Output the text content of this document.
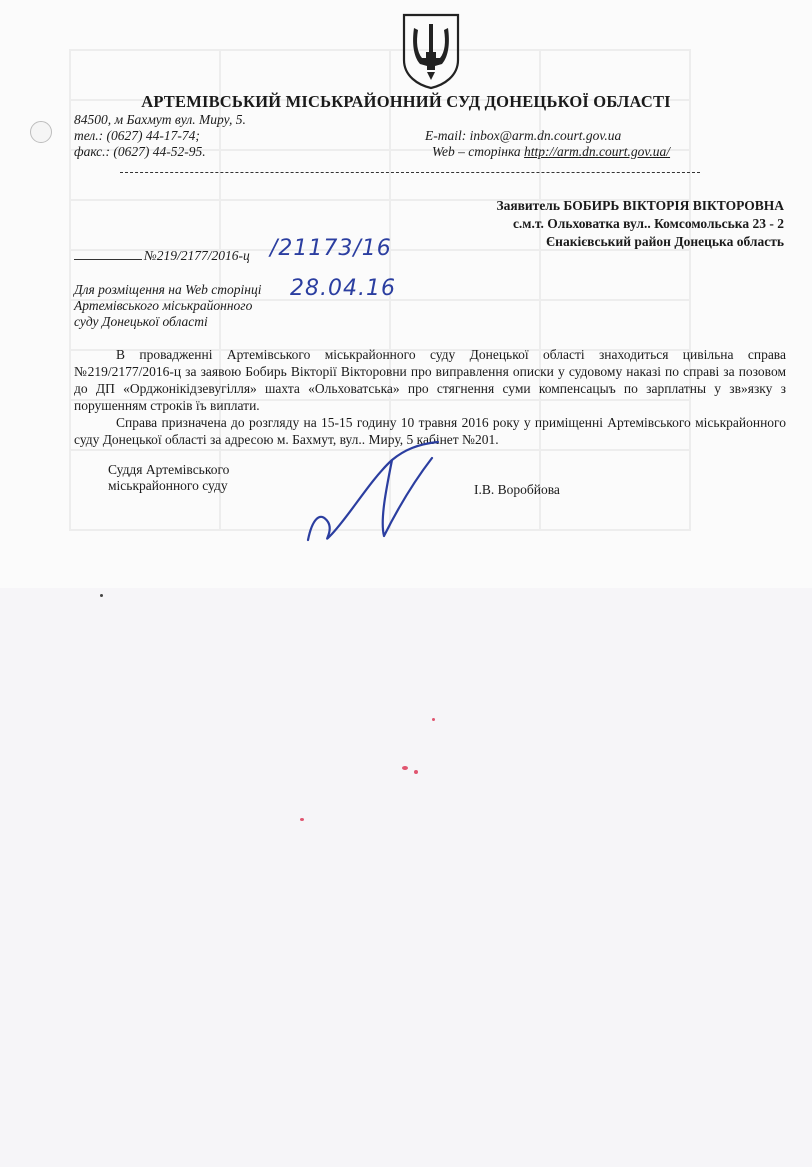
АРТЕМІВСЬКИЙ МІСЬКРАЙОННИЙ СУД ДОНЕЦЬКОЇ ОБЛАСТІ
84500, м Бахмут вул. Миру, 5.
тел.: (0627) 44-17-74;
факс.: (0627) 44-52-95.
E-mail: inbox@arm.dn.court.gov.ua
Web – сторінка http://arm.dn.court.gov.ua/
Заявитель БОБИРЬ ВІКТОРІЯ ВІКТОРОВНА
с.м.т. Ольховатка вул.. Комсомольська 23 - 2
Єнакієвський район Донецька область
№219/2177/2016-ц /21173/16
28.04.16
Для розміщення на Web сторінці
Артемівського міськрайонного
суду Донецької області
В провадженні Артемівського міськрайонного суду Донецької області знаходиться цивільна справа №219/2177/2016-ц за заявою Бобирь Вікторії Вікторовни про виправлення описки у судовому наказі по справі за позовом до ДП «Орджонікідзевугілля» шахта «Ольховатська» про стягнення суми компенсацыъ по зарплатны у зв»язку з порушенням строків їъ виплати.
Справа призначена до розгляду на 15-15 годину 10 травня 2016 року у приміщенні Артемівського міськрайонного суду Донецької області за адресою м. Бахмут, вул.. Миру, 5 кабінет №201.
Суддя Артемівського
міськрайонного суду	І.В. Воробйова
